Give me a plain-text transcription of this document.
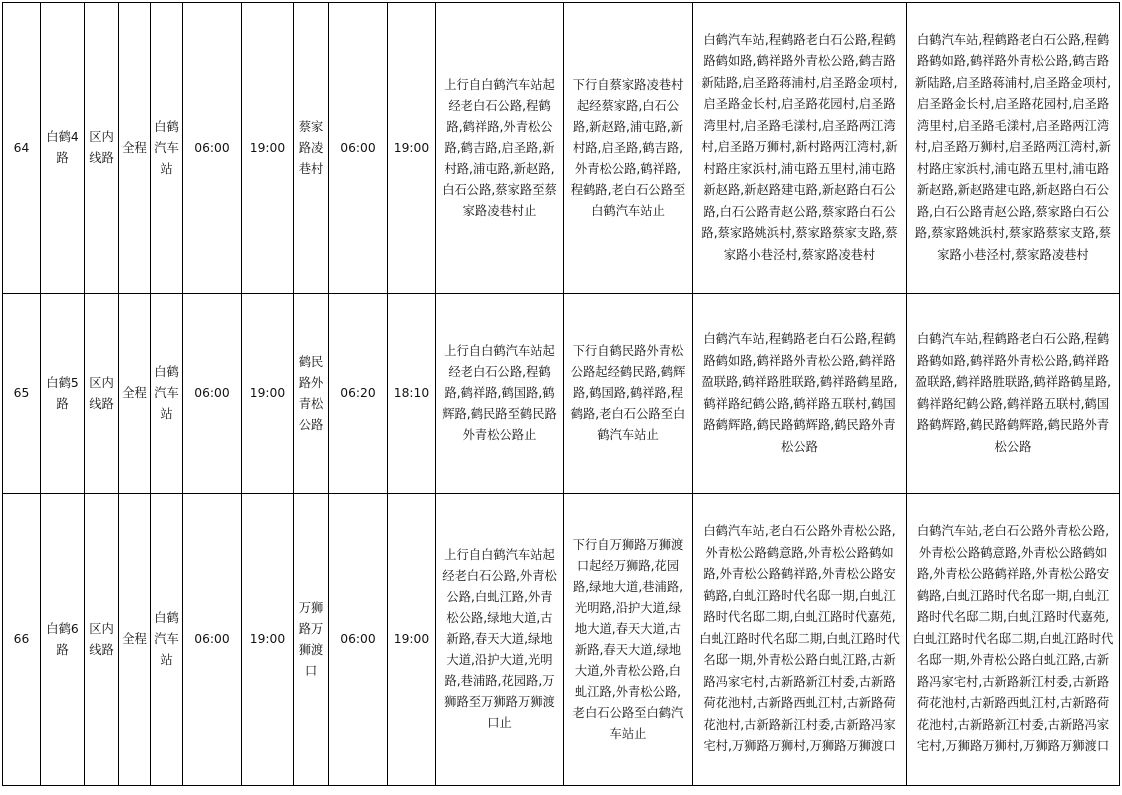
64	白鹤4路	区内线路	全程	白鹤汽车站	06:00	19:00	蔡家路凌巷村	06:00	19:00	上行自白鹤汽车站起经老白石公路,程鹤路,鹤祥路,外青松公路,鹤吉路,启圣路,新村路,浦屯路,新赵路,白石公路,蔡家路至蔡家路凌巷村止	下行自蔡家路凌巷村起经蔡家路,白石公路,新赵路,浦屯路,新村路,启圣路,鹤吉路,外青松公路,鹤祥路,程鹤路,老白石公路至白鹤汽车站止	白鹤汽车站,程鹤路老白石公路,程鹤路鹤如路,鹤祥路外青松公路,鹤吉路新陆路,启圣路蒋浦村,启圣路金项村,启圣路金长村,启圣路花园村,启圣路湾里村,启圣路毛漾村,启圣路两江湾村,启圣路万狮村,新村路两江湾村,新村路庄家浜村,浦屯路五里村,浦屯路新赵路,新赵路建屯路,新赵路白石公路,白石公路青赵公路,蔡家路白石公路,蔡家路姚浜村,蔡家路蔡家支路,蔡家路小巷泾村,蔡家路凌巷村	白鹤汽车站,程鹤路老白石公路,程鹤路鹤如路,鹤祥路外青松公路,鹤吉路新陆路,启圣路蒋浦村,启圣路金项村,启圣路金长村,启圣路花园村,启圣路湾里村,启圣路毛漾村,启圣路两江湾村,启圣路万狮村,启圣路两江湾村,新村路庄家浜村,浦屯路五里村,浦屯路新赵路,新赵路建屯路,新赵路白石公路,白石公路青赵公路,蔡家路白石公路,蔡家路姚浜村,蔡家路蔡家支路,蔡家路小巷泾村,蔡家路凌巷村
65	白鹤5路	区内线路	全程	白鹤汽车站	06:00	19:00	鹤民路外青松公路	06:20	18:10	上行自白鹤汽车站起经老白石公路,程鹤路,鹤祥路,鹤国路,鹤辉路,鹤民路至鹤民路外青松公路止	下行自鹤民路外青松公路起经鹤民路,鹤辉路,鹤国路,鹤祥路,程鹤路,老白石公路至白鹤汽车站止	白鹤汽车站,程鹤路老白石公路,程鹤路鹤如路,鹤祥路外青松公路,鹤祥路盈联路,鹤祥路胜联路,鹤祥路鹤星路,鹤祥路纪鹤公路,鹤祥路五联村,鹤国路鹤辉路,鹤民路鹤辉路,鹤民路外青松公路	白鹤汽车站,程鹤路老白石公路,程鹤路鹤如路,鹤祥路外青松公路,鹤祥路盈联路,鹤祥路胜联路,鹤祥路鹤星路,鹤祥路纪鹤公路,鹤祥路五联村,鹤国路鹤辉路,鹤民路鹤辉路,鹤民路外青松公路
66	白鹤6路	区内线路	全程	白鹤汽车站	06:00	19:00	万狮路万狮渡口	06:00	19:00	上行自白鹤汽车站起经老白石公路,外青松公路,白虬江路,外青松公路,绿地大道,古新路,春天大道,绿地大道,沿护大道,光明路,巷浦路,花园路,万狮路至万狮路万狮渡口止	下行自万狮路万狮渡口起经万狮路,花园路,绿地大道,巷浦路,光明路,沿护大道,绿地大道,春天大道,古新路,春天大道,绿地大道,外青松公路,白虬江路,外青松公路,老白石公路至白鹤汽车站止	白鹤汽车站,老白石公路外青松公路,外青松公路鹤意路,外青松公路鹤如路,外青松公路鹤祥路,外青松公路安鹤路,白虬江路时代名邸一期,白虬江路时代名邸二期,白虬江路时代嘉苑,白虬江路时代名邸二期,白虬江路时代名邸一期,外青松公路白虬江路,古新路冯家宅村,古新路新江村委,古新路荷花池村,古新路西虬江村,古新路荷花池村,古新路新江村委,古新路冯家宅村,万狮路万狮村,万狮路万狮渡口	白鹤汽车站,老白石公路外青松公路,外青松公路鹤意路,外青松公路鹤如路,外青松公路鹤祥路,外青松公路安鹤路,白虬江路时代名邸一期,白虬江路时代名邸二期,白虬江路时代嘉苑,白虬江路时代名邸二期,白虬江路时代名邸一期,外青松公路白虬江路,古新路冯家宅村,古新路新江村委,古新路荷花池村,古新路西虬江村,古新路荷花池村,古新路新江村委,古新路冯家宅村,万狮路万狮村,万狮路万狮渡口
